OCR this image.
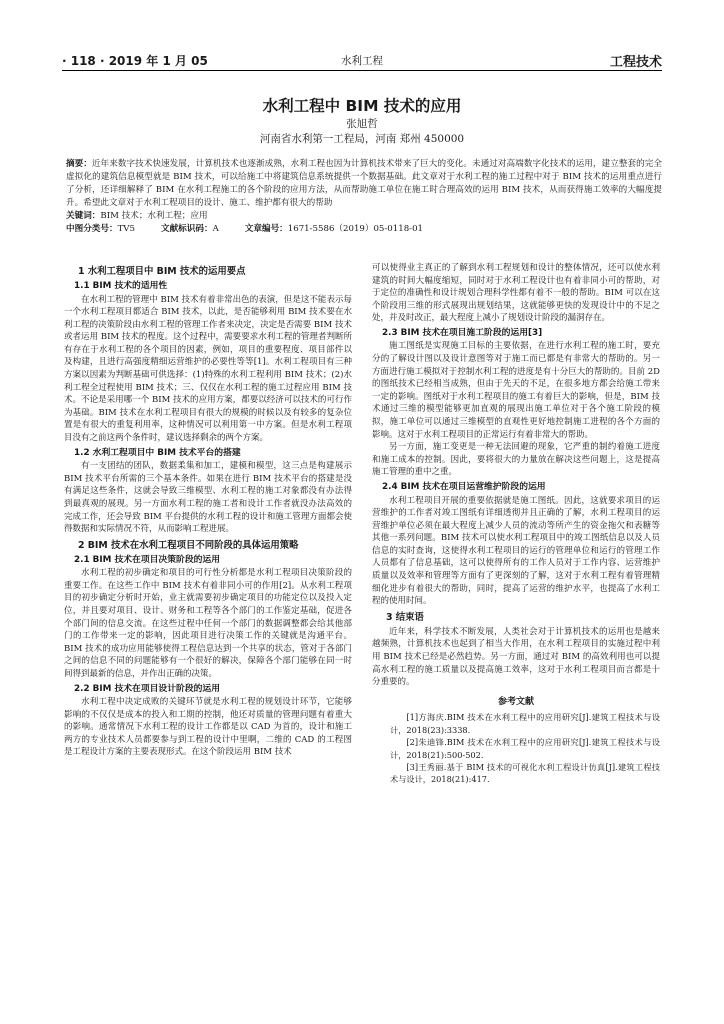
· 118 · 2019 年 1 月 05	水利工程	工程技术
水利工程中 BIM 技术的应用
张旭哲
河南省水利第一工程局，河南 郑州 450000

摘要：近年来数字技术快速发展，计算机技术也逐渐成熟，水利工程也因为计算机技术带来了巨大的变化。未通过对高端数字化技术的运用，建立整套的完全虚拟化的建筑信息模型就是 BIM 技术，可以给施工中将建筑信息系统提供一个数据基础。此文章对于水利工程的施工过程中对于 BIM 技术的运用重点进行了分析，还详细解释了 BIM 在水利工程施工的各个阶段的应用方法，从而帮助施工单位在施工时合理高效的运用 BIM 技术，从而获得施工效率的大幅度提升。希望此文章对于水利工程项目的设计、施工、维护都有很大的帮助

关键词：BIM 技术；水利工程；应用

中图分类号：TV5	文献标识码：A	文章编号：1671-5586（2019）05-0118-01
1 水利工程项目中 BIM 技术的运用要点
1.1 BIM 技术的适用性

在水利工程的管理中 BIM 技术有着非常出色的表演，但是这不能表示每一个水利工程项目都适合 BIM 技术，以此，是否能够利用 BIM 技术要在水利工程的决策阶段由水利工程的管理工作者来决定，决定是否需要 BIM 技术或者运用 BIM 技术的程度。这个过程中，需要要求水利工程的管理者判断所有存在于水利工程的各个项目的因素，例如，项目的重要程度、项目部件以及构建，且进行高强度精细运营维护的必要性等等[1]。水利工程项目有三种方案以因素为判断基础可供选择：(1)特殊的水利工程利用 BIM 技术；(2)水利工程全过程使用 BIM 技术；三、仅仅在水利工程的施工过程应用 BIM 技术。不论是采用哪一个 BIM 技术的应用方案，都要以经济可以技术的可行作为基础。BIM 技术在水利工程项目有很大的规模的时候以及有较多的复杂位置是有很大的重复利用率，这种情况可以利用第一中方案。但是水利工程项目没有之前这两个条件时，建议选择剩余的两个方案。

1.2 水利工程项目中 BIM 技术平台的搭建

有一支团结的团队，数据柔集和加工，建模和模型，这三点是构建展示 BIM 技术平台所需的三个基本条件。如果在进行 BIM 技术平台的搭建是没有满足这些条件，这就会导致三维模型、水利工程的施工对象都没有办法得到最真观的展现。另一方面水利工程的施工者和设计工作者就没办法高效的完成工作，还会导致 BIM 平台提供的水利工程的设计和施工管理方面都会使得数据和实际情况不符，从而影响工程进展。

2 BIM 技术在水利工程项目不同阶段的具体运用策略
2.1 BIM 技术在项目决策阶段的运用

水利工程的初步确定和项目的可行性分析都是水利工程项目决策阶段的重要工作。在这些工作中 BIM 技术有着非同小可的作用[2]。从水利工程项目的初步确定分析时开始，业主就需要初步确定项目的功能定位以及投入定位，并且要对项目、设计、财务和工程等各个部门的工作鉴定基础，促进各个部门间的信息交流。在这些过程中任何一个部门的数据调整都会给其他部门的工作带来一定的影响，因此项目进行决策工作的关键就是沟通平台。BIM 技术的成功应用能够使得工程信息达到一个共享的状态，管对于各部门之间的信息不同的问题能够有一个很好的解决，保障各个部门能够在同一时间得到最新的信息，并作出正确的决策。

2.2 BIM 技术在项目设计阶段的运用

水利工程中决定成败的关键环节就是水利工程的规划设计环节，它能够影响的不仅仅是成本的投入和工期的控制，他还对质量的管理问题有着重大的影响。通常情况下水利工程的设计工作都是以 CAD 为首的，设计和施工两方的专业技术人员都要参与到工程的设计中里啊，二维的 CAD 的工程图是工程设计方案的主要表现形式。在这个阶段运用 BIM 技术

可以使得业主真正的了解到水利工程规划和设计的整体情况，还可以使水利建筑的时间大幅度缩短，同时对于水利工程设计也有着非同小可的帮助，对于定位的准确性和设计规划合理科学性都有着不一般的帮助。BIM 可以在这个阶段用三维的形式展现出规划结果，这就能够更快的发现设计中的不足之处，并及时改正，最大程度上减小了规划设计阶段的漏洞存在。

2.3 BIM 技术在项目施工阶段的运用[3]

施工图纸是实现施工目标的主要依据，在进行水利工程的施工时，要充分的了解设计图以及设计意图等对于施工而已都是有非常大的帮助的。另一方面进行施工模拟对于控制水利工程的进度是有十分巨大的帮助的。目前 2D 的图纸技术已经相当成熟，但由于先天的不足，在很多地方都会给施工带来一定的影响。图纸对于水利工程项目的施工有着巨大的影响，但是，BIM 技术通过三维的模型能够更加直观的展现出施工单位对于各个施工阶段的模拟，施工单位可以通过三维模型的直观性更好地控制施工进程的各个方面的影响。这对于水利工程项目的正常运行有着非常大的帮助。

另一方面，施工变更是一种无法回避的现象，它严重的制约着施工进度和施工成本的控制。因此，要将很大的力量放在解决这些问题上，这是提高施工管理的重中之重。

2.4 BIM 技术在项目运营维护阶段的运用

水利工程项目开展的重要依据就是施工图纸。因此，这就要求项目的运营维护的工作者对竣工图纸有详细透彻并且正确的了解，水利工程项目的运营维护单位必须在最大程度上减少人员的流动等所产生的资金拖欠和表糖等其他一系列问题。BIM 技术可以使水利工程项目中的竣工图纸信息以及人员信息的实时查询，这使得水利工程项目的运行的管理单位和运行的管理工作人员都有了信息基础，这可以使得所有的工作人员对于工作内容、运营维护质量以及效率和管理等方面有了更深刻的了解，这对于水利工程有着管理精细化进步有着很大的帮助，同时，提高了运营的维护水平，也提高了水利工程的使用时间。

3 结束语

近年来，科学技术不断发展，人类社会对于计算机技术的运用也是越来越频熟，计算机技术也起到了相当大作用，在水利工程项目的实施过程中利用 BIM 技术已经是必然趋势。另一方面，通过对 BIM 的高效利用也可以提高水利工程的施工质量以及提高施工效率，这对于水利工程项目而言都是十分重要的。

参考文献

[1]方海庆.BIM 技术在水利工程中的应用研究[J].建筑工程技术与设计，2018(23):3338.

[2]朱迪锋.BIM 技术在水利工程中的应用研究[J].建筑工程技术与设计，2018(21):500-502.

[3]王秀丽.基于 BIM 技术的可视化水利工程设计仿真[J].建筑工程技术与设计，2018(21):417.
